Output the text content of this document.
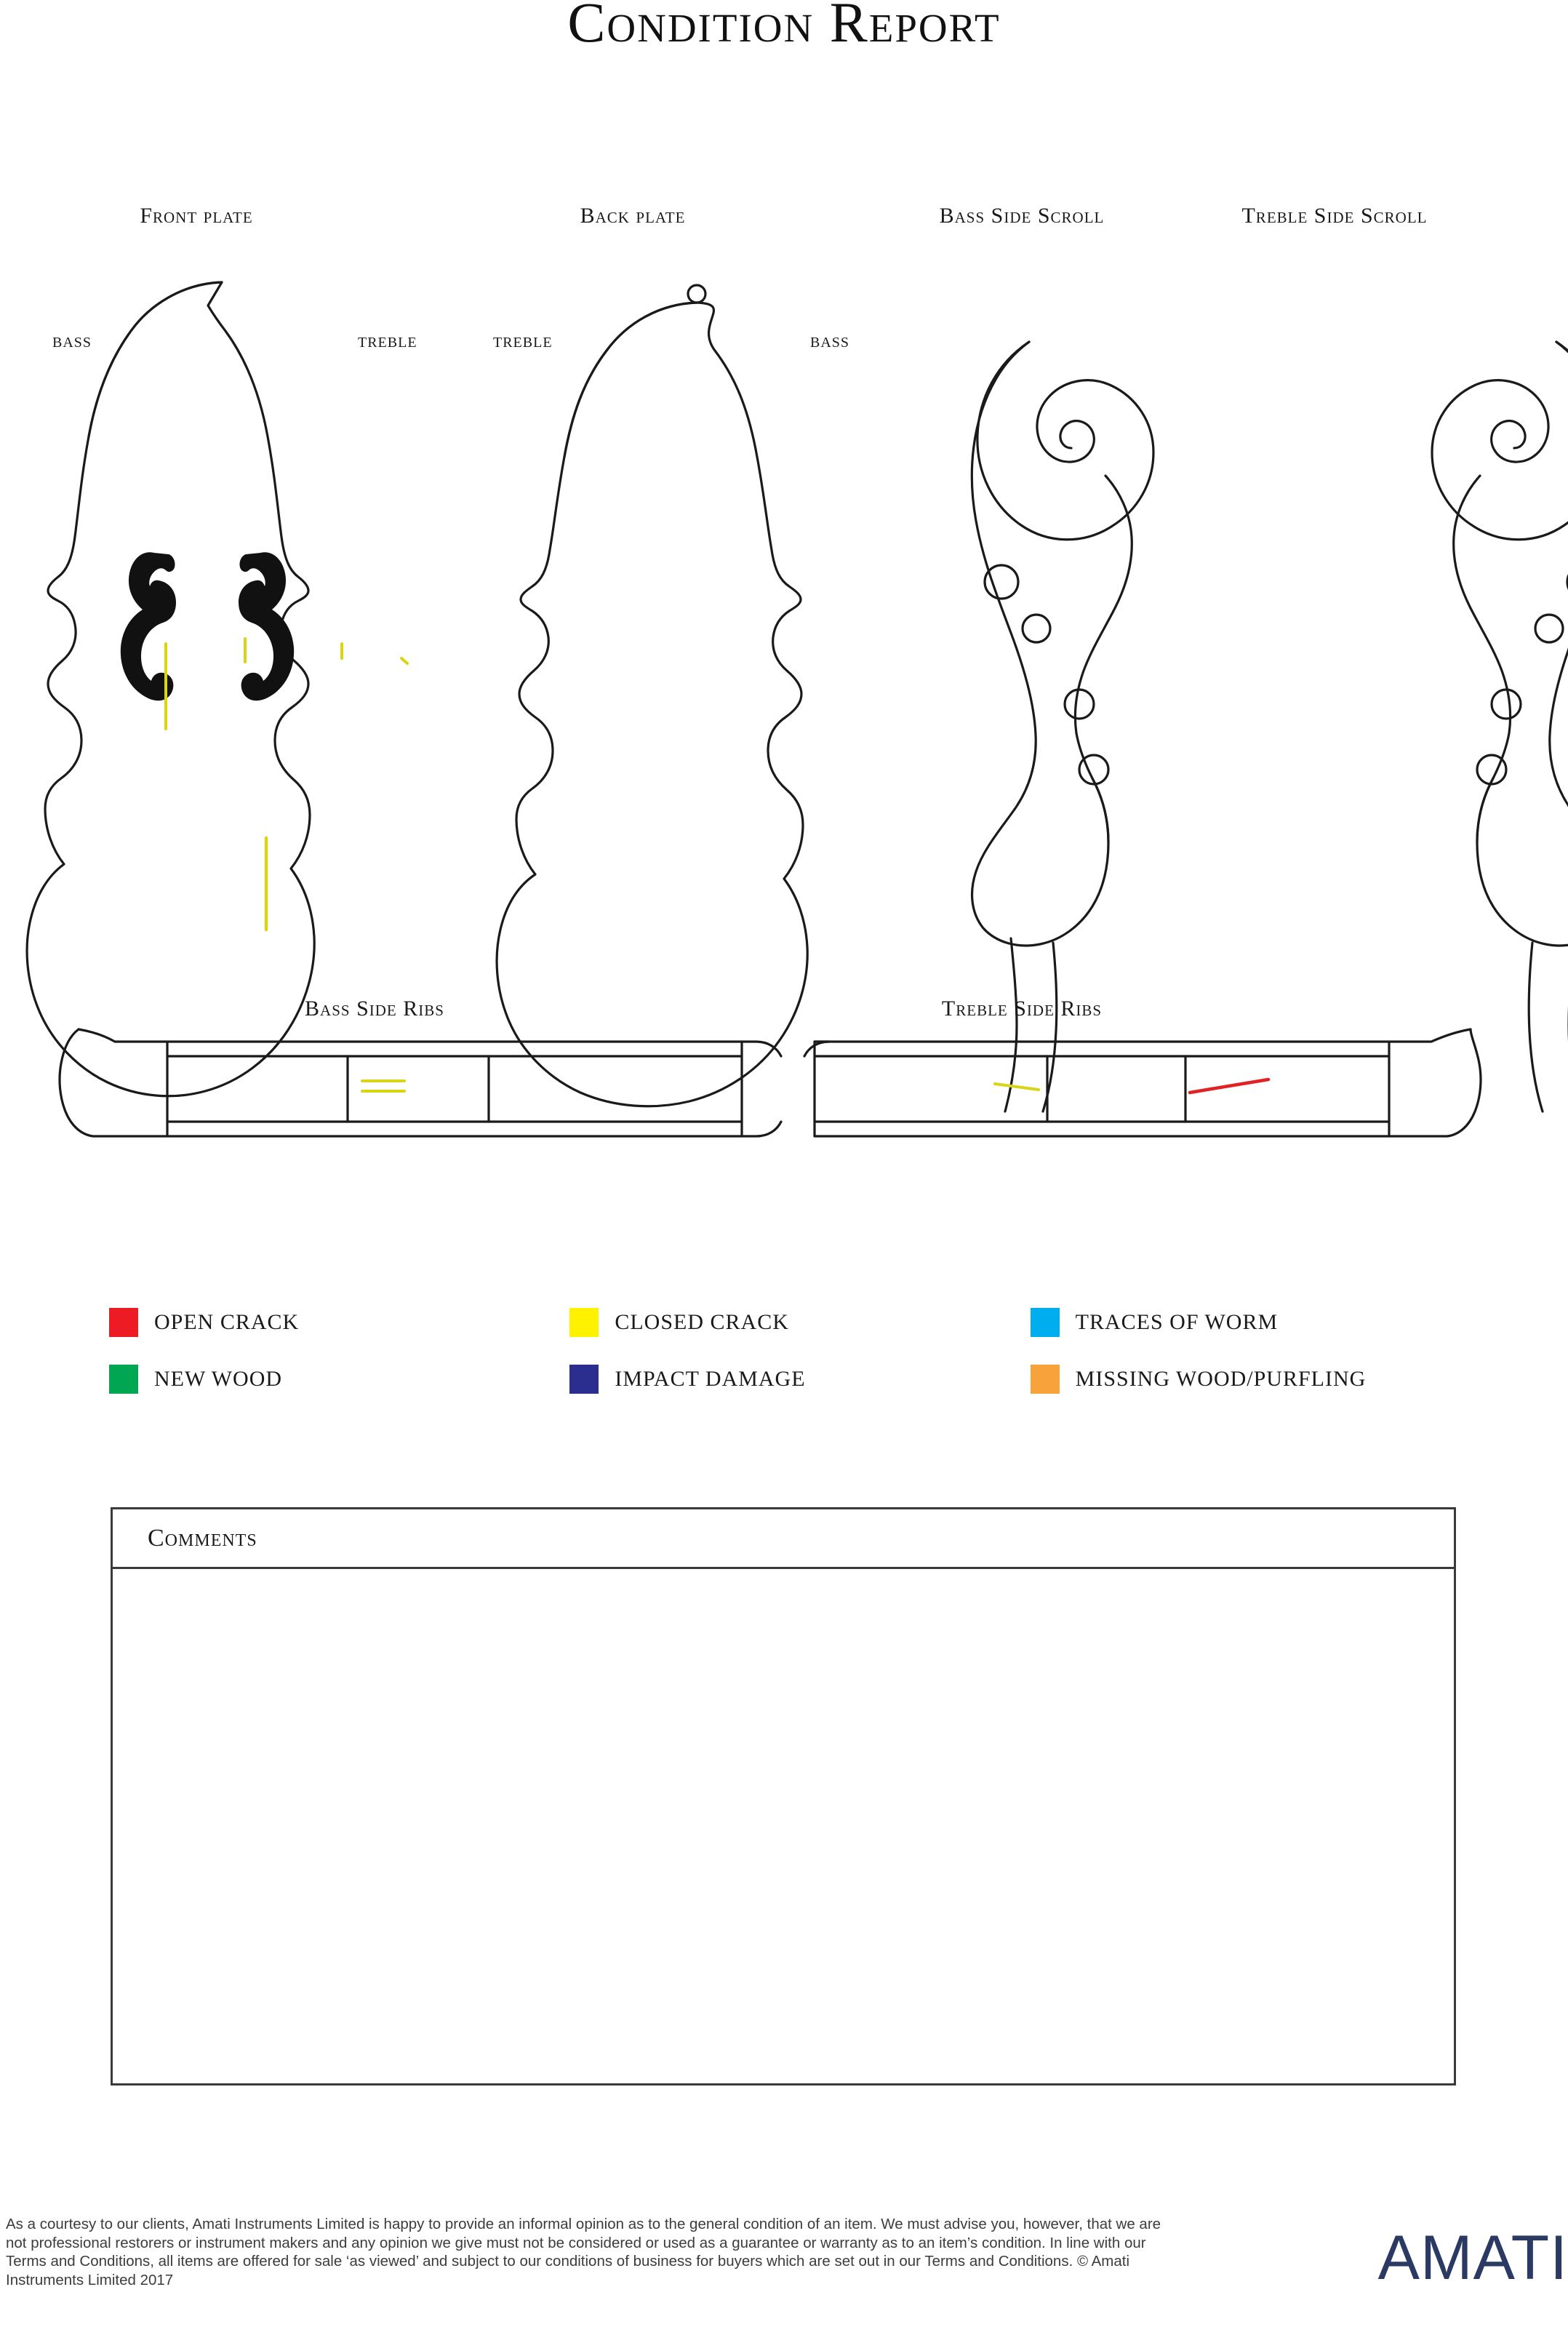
Condition Report
Front plate	Back plate	Bass Side Scroll	Treble Side Scroll
BASS	TREBLE	TREBLE	BASS
Bass Side Ribs	Treble Side Ribs
OPEN CRACK	CLOSED CRACK	TRACES OF WORM
NEW WOOD	IMPACT DAMAGE	MISSING WOOD/PURFLING
Comments
As a courtesy to our clients, Amati Instruments Limited is happy to provide an informal opinion as to the general condition of an item. We must advise you, however, that we are not professional restorers or instrument makers and any opinion we give must not be considered or used as a guarantee or warranty as to an item’s condition. In line with our Terms and Conditions, all items are offered for sale ‘as viewed’ and subject to our conditions of business for buyers which are set out in our Terms and Conditions. © Amati Instruments Limited 2017	AMATI
